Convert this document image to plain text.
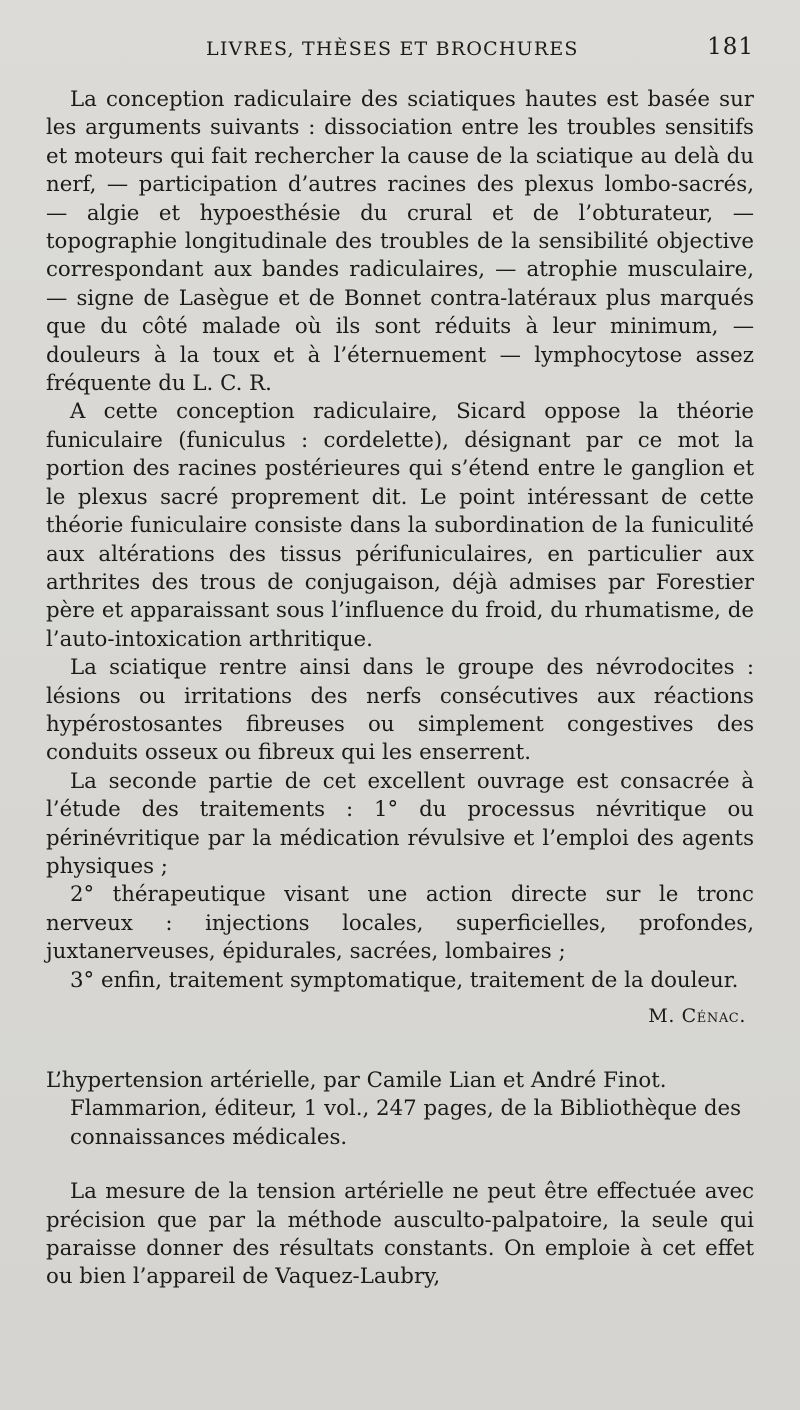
LIVRES, THÈSES ET BROCHURES	181

La conception radiculaire des sciatiques hautes est basée sur les arguments suivants : dissociation entre les troubles sensitifs et moteurs qui fait rechercher la cause de la sciatique au delà du nerf, — participation d’autres racines des plexus lombo-sacrés, — algie et hypoesthésie du crural et de l’obturateur, — topographie longitudinale des troubles de la sensibilité objective correspondant aux bandes radiculaires, — atrophie musculaire, — signe de Lasègue et de Bonnet contra-latéraux plus marqués que du côté malade où ils sont réduits à leur minimum, — douleurs à la toux et à l’éternuement — lymphocytose assez fréquente du L. C. R.

A cette conception radiculaire, Sicard oppose la théorie funiculaire (funiculus : cordelette), désignant par ce mot la portion des racines postérieures qui s’étend entre le ganglion et le plexus sacré proprement dit. Le point intéressant de cette théorie funiculaire consiste dans la subordination de la funiculité aux altérations des tissus périfuniculaires, en particulier aux arthrites des trous de conjugaison, déjà admises par Forestier père et apparaissant sous l’influence du froid, du rhumatisme, de l’auto-intoxication arthritique.

La sciatique rentre ainsi dans le groupe des névrodocites : lésions ou irritations des nerfs consécutives aux réactions hypérostosantes fibreuses ou simplement congestives des conduits osseux ou fibreux qui les enserrent.

La seconde partie de cet excellent ouvrage est consacrée à l’étude des traitements : 1° du processus névritique ou périnévritique par la médication révulsive et l’emploi des agents physiques ;

2° thérapeutique visant une action directe sur le tronc nerveux : injections locales, superficielles, profondes, juxtanerveuses, épidurales, sacrées, lombaires ;

3° enfin, traitement symptomatique, traitement de la douleur.

M. Cénac.
L’hypertension artérielle, par Camile Lian et André Finot.
Flammarion, éditeur, 1 vol., 247 pages, de la Bibliothèque des connaissances médicales.

La mesure de la tension artérielle ne peut être effectuée avec précision que par la méthode ausculto-palpatoire, la seule qui paraisse donner des résultats constants. On emploie à cet effet ou bien l’appareil de Vaquez-Laubry,
